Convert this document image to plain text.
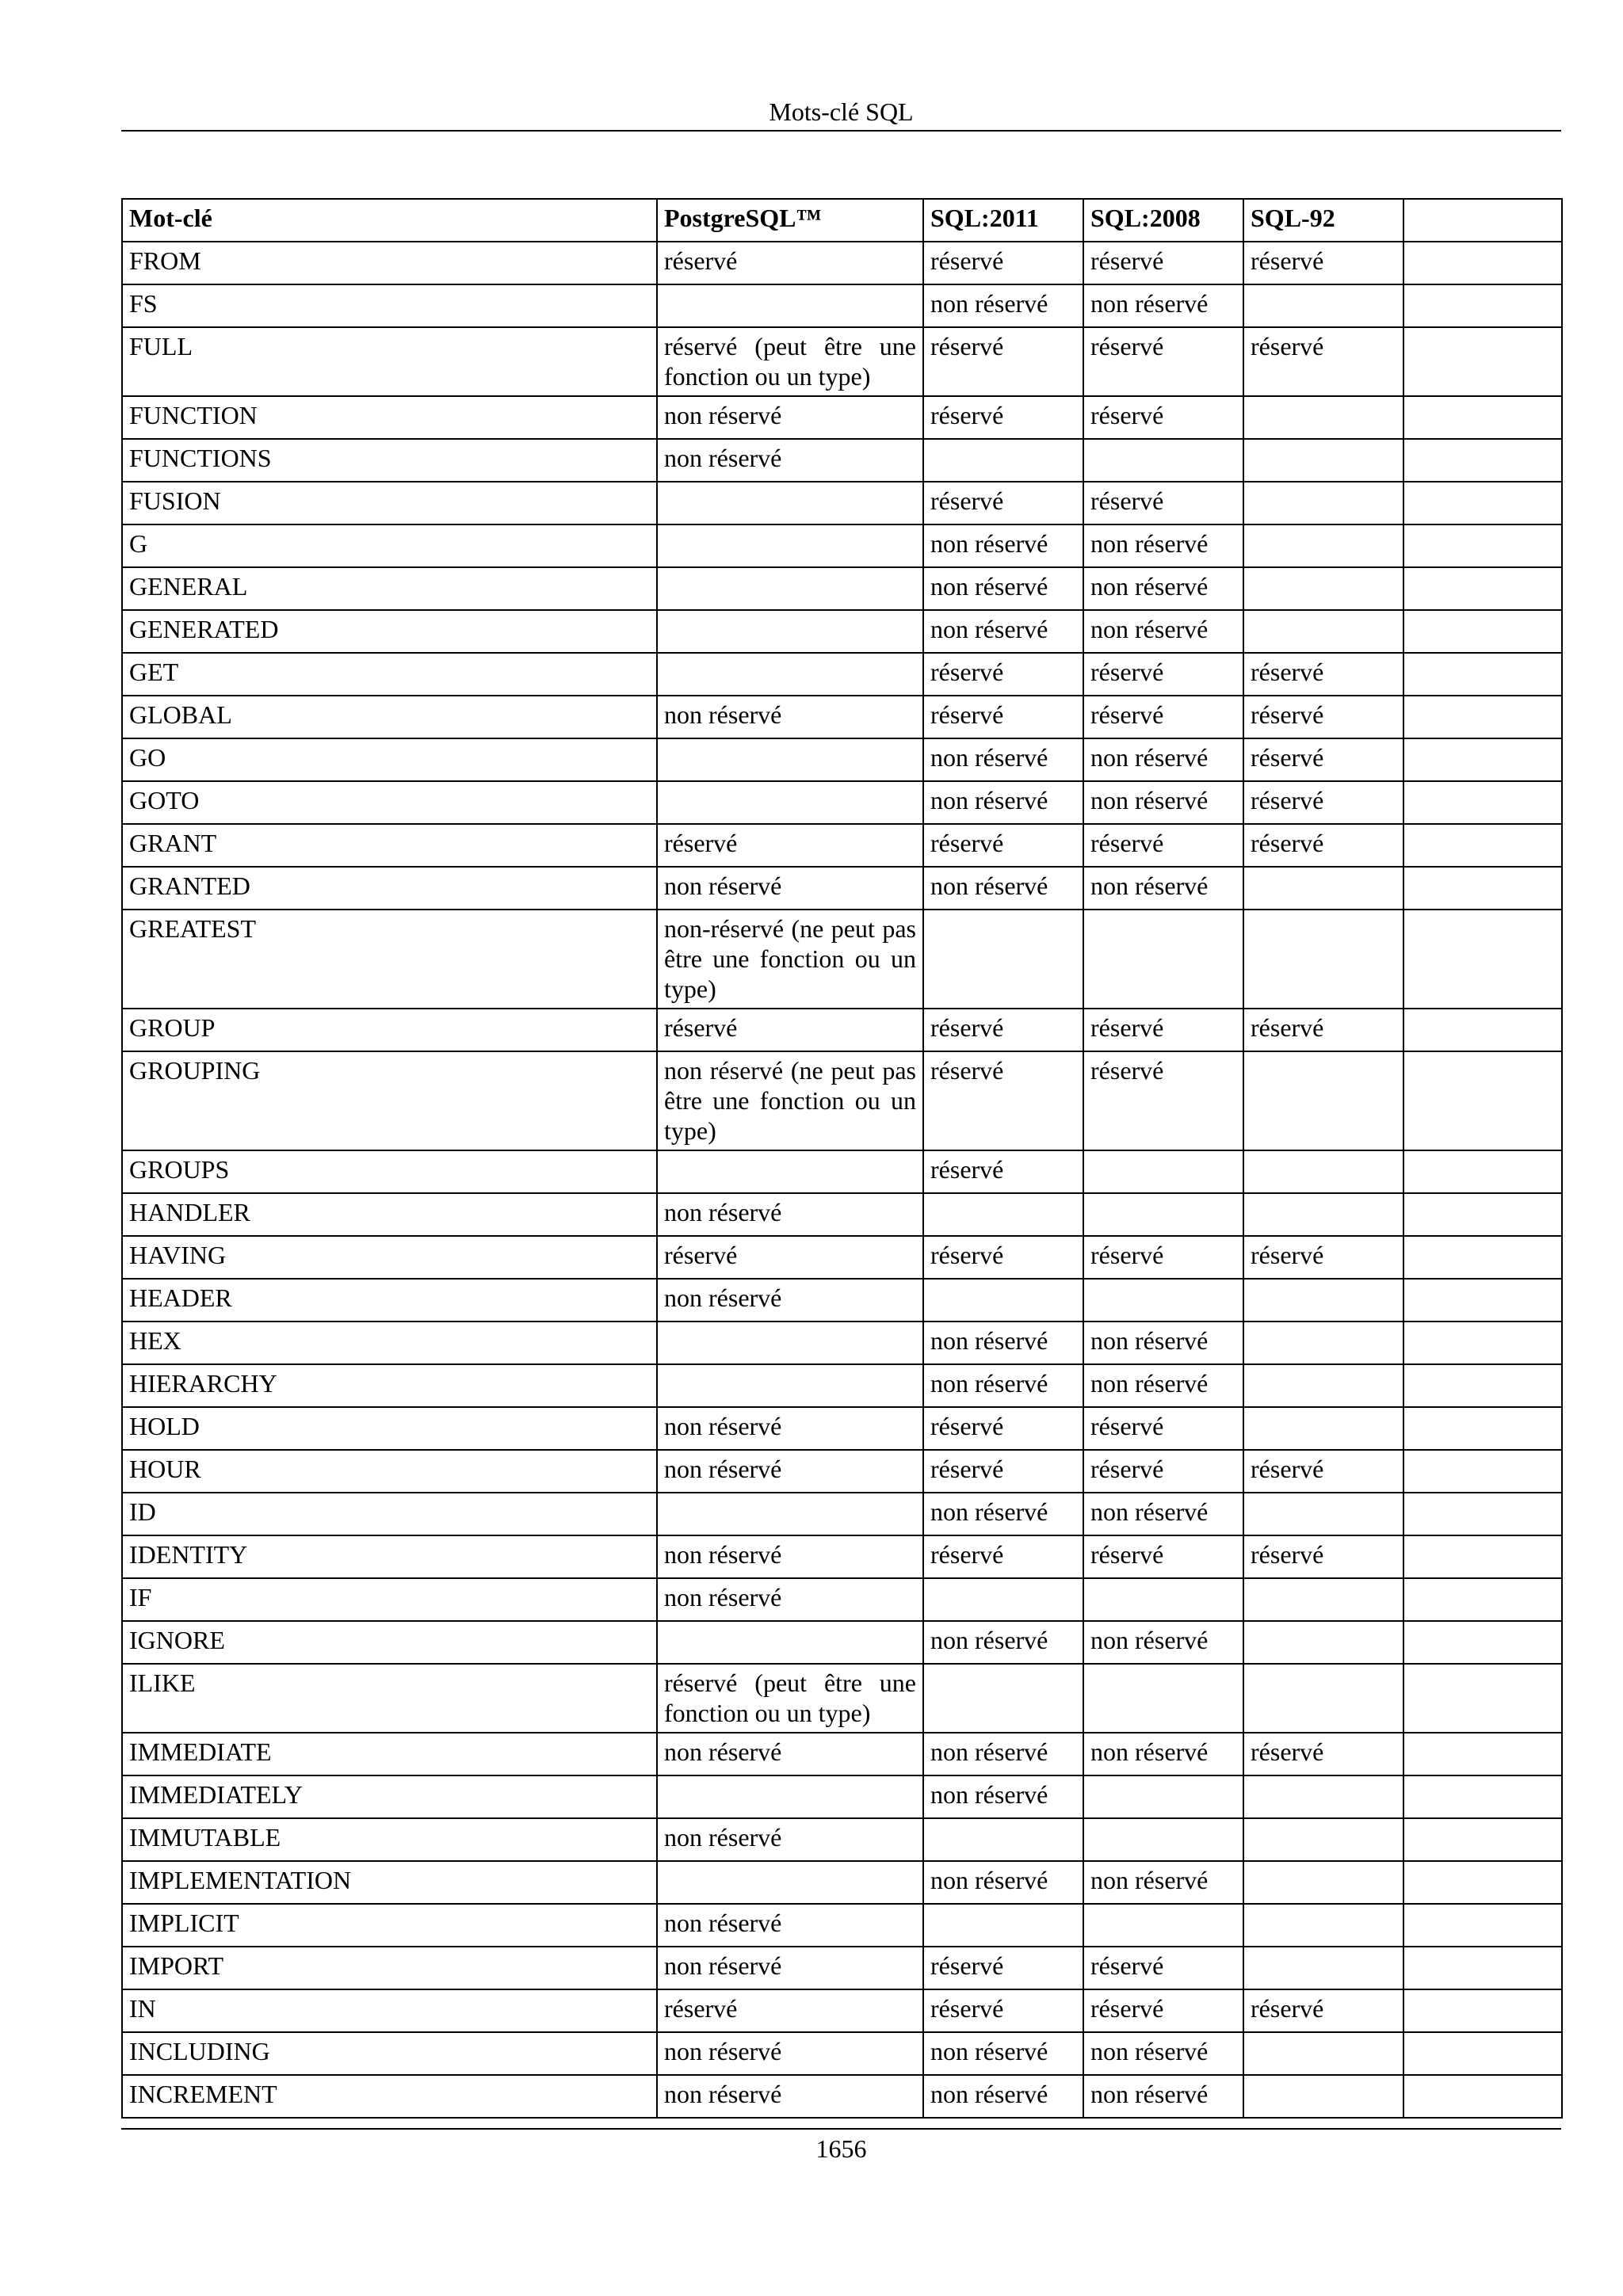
Mots-clé SQL
Mot-clé	PostgreSQL™	SQL:2011	SQL:2008	SQL-92	
FROM	réservé	réservé	réservé	réservé	
FS		non réservé	non réservé		
FULL	réservé (peut être une fonction ou un type)	réservé	réservé	réservé	
FUNCTION	non réservé	réservé	réservé		
FUNCTIONS	non réservé				
FUSION		réservé	réservé		
G		non réservé	non réservé		
GENERAL		non réservé	non réservé		
GENERATED		non réservé	non réservé		
GET		réservé	réservé	réservé	
GLOBAL	non réservé	réservé	réservé	réservé	
GO		non réservé	non réservé	réservé	
GOTO		non réservé	non réservé	réservé	
GRANT	réservé	réservé	réservé	réservé	
GRANTED	non réservé	non réservé	non réservé		
GREATEST	non-réservé (ne peut pas être une fonction ou un type)				
GROUP	réservé	réservé	réservé	réservé	
GROUPING	non réservé (ne peut pas être une fonction ou un type)	réservé	réservé		
GROUPS		réservé			
HANDLER	non réservé				
HAVING	réservé	réservé	réservé	réservé	
HEADER	non réservé				
HEX		non réservé	non réservé		
HIERARCHY		non réservé	non réservé		
HOLD	non réservé	réservé	réservé		
HOUR	non réservé	réservé	réservé	réservé	
ID		non réservé	non réservé		
IDENTITY	non réservé	réservé	réservé	réservé	
IF	non réservé				
IGNORE		non réservé	non réservé		
ILIKE	réservé (peut être une fonction ou un type)				
IMMEDIATE	non réservé	non réservé	non réservé	réservé	
IMMEDIATELY		non réservé			
IMMUTABLE	non réservé				
IMPLEMENTATION		non réservé	non réservé		
IMPLICIT	non réservé				
IMPORT	non réservé	réservé	réservé		
IN	réservé	réservé	réservé	réservé	
INCLUDING	non réservé	non réservé	non réservé		
INCREMENT	non réservé	non réservé	non réservé		
1656
